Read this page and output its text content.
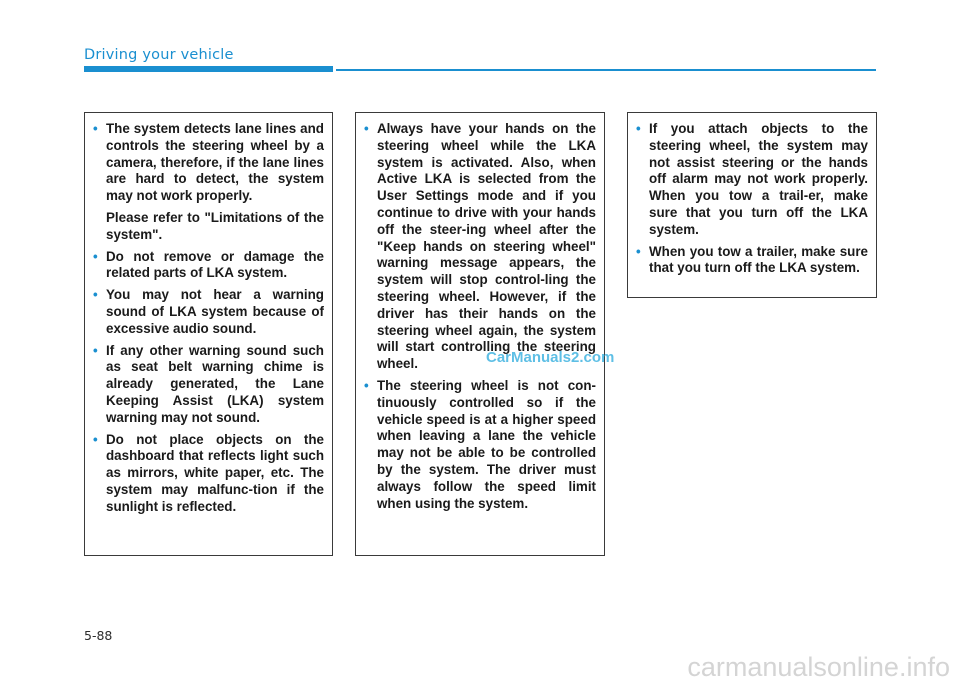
Driving your vehicle
• The system detects lane lines and controls the steering wheel by a camera, therefore, if the lane lines are hard to detect, the system may not work properly.

Please refer to "Limitations of the system".

• Do not remove or damage the related parts of LKA system.

• You may not hear a warning sound of LKA system because of excessive audio sound.

• If any other warning sound such as seat belt warning chime is already generated, the Lane Keeping Assist (LKA) system warning may not sound.

• Do not place objects on the dashboard that reflects light such as mirrors, white paper, etc. The system may malfunc-tion if the sunlight is reflected.

• Always have your hands on the steering wheel while the LKA system is activated. Also, when Active LKA is selected from the User Settings mode and if you continue to drive with your hands off the steer-ing wheel after the "Keep hands on steering wheel" warning message appears, the system will stop control-ling the steering wheel. However, if the driver has their hands on the steering wheel again, the system will start controlling the steering wheel.

• The steering wheel is not con-tinuously controlled so if the vehicle speed is at a higher speed when leaving a lane the vehicle may not be able to be controlled by the system. The driver must always follow the speed limit when using the system.

• If you attach objects to the steering wheel, the system may not assist steering or the hands off alarm may not work properly. When you tow a trail-er, make sure that you turn off the LKA system.

• When you tow a trailer, make sure that you turn off the LKA system.

CarManuals2.com
5-88
carmanualsonline.info
